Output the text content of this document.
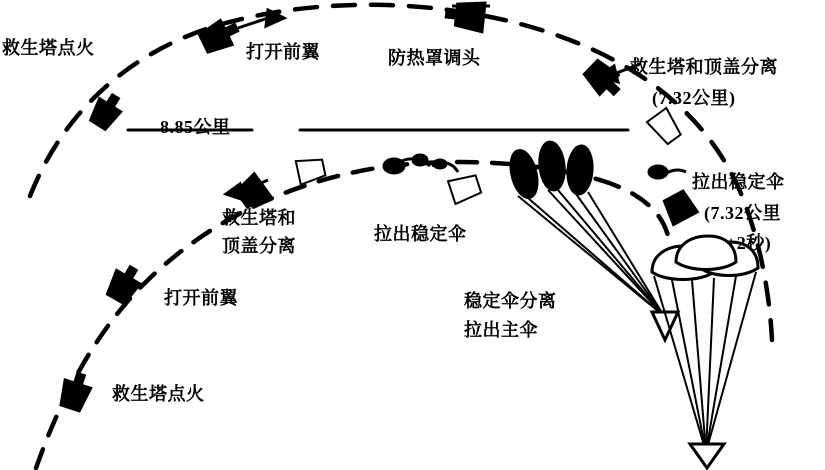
救生塔点火	打开前翼	防热罩调头	救生塔和顶盖分离
(7.32公里)
8.85公里
拉出稳定伞
(7.32公里
+2秒)
救生塔和
顶盖分离
拉出稳定伞
打开前翼	稳定伞分离
拉出主伞
救生塔点火
